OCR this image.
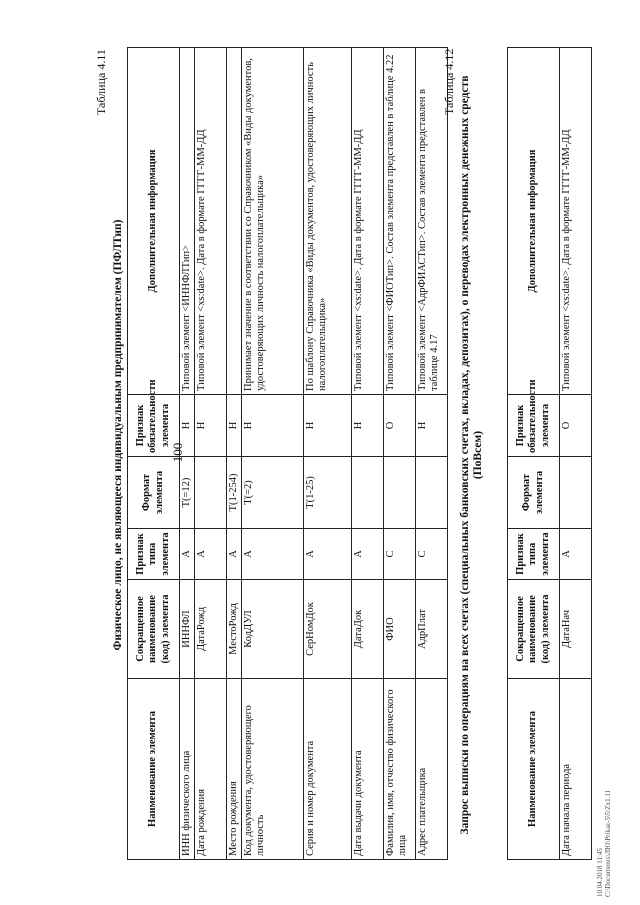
100
Таблица 4.11
Физическое лицо, не являющееся индивидуальным предпринимателем (ПФЛТип)
Наименование элемента	Сокращенное наименование (код) элемента	Признак типа элемента	Формат элемента	Признак обязательности элемента	Дополнительная информация
ИНН физического лица	ИННФЛ	А	T(=12)	Н	Типовой элемент <ИННФЛТип>
Дата рождения	ДатаРожд	А		Н	Типовой элемент <xs:date>. Дата в формате ГГГГ-ММ-ДД
Место рождения	МестоРожд	А	T(1-254)	Н	
Код документа, удостоверяющего личность	КодДУЛ	А	T(=2)	Н	Принимает значение в соответствии со Справочником «Виды документов, удостоверяющих личность налогоплательщика»
Серия и номер документа	СерНомДок	А	T(1-25)	Н	По шаблону Справочника «Виды документов, удостоверяющих личность налогоплательщика»
Дата выдачи документа	ДатаДок	А		Н	Типовой элемент <xs:date>. Дата в формате ГГГГ-ММ-ДД
Фамилия, имя, отчество физического лица	ФИО	С		О	Типовой элемент <ФИОТип>. Состав элемента представлен в таблице 4.22
Адрес плательщика	АдрПлат	С		Н	Типовой элемент <АдрФИАСТип>. Состав элемента представлен в таблице 4.17
Таблица 4.12 Запрос выписки по операциям на всех счетах (специальных банковских счетах, вкладах, депозитах), о переводах электронных денежных средств (ПоВсем)
Наименование элемента	Сокращенное наименование (код) элемента	Признак типа элемента	Формат элемента	Признак обязательности элемента	Дополнительная информация
Дата начала периода	ДатаНач	А		О	Типовой элемент <xs:date>. Дата в формате ГГГГ-ММ-ДД
10.04.2018 11:45 C:\Documents\ЛЮ\Prikaz-5\5\Zx1.11
